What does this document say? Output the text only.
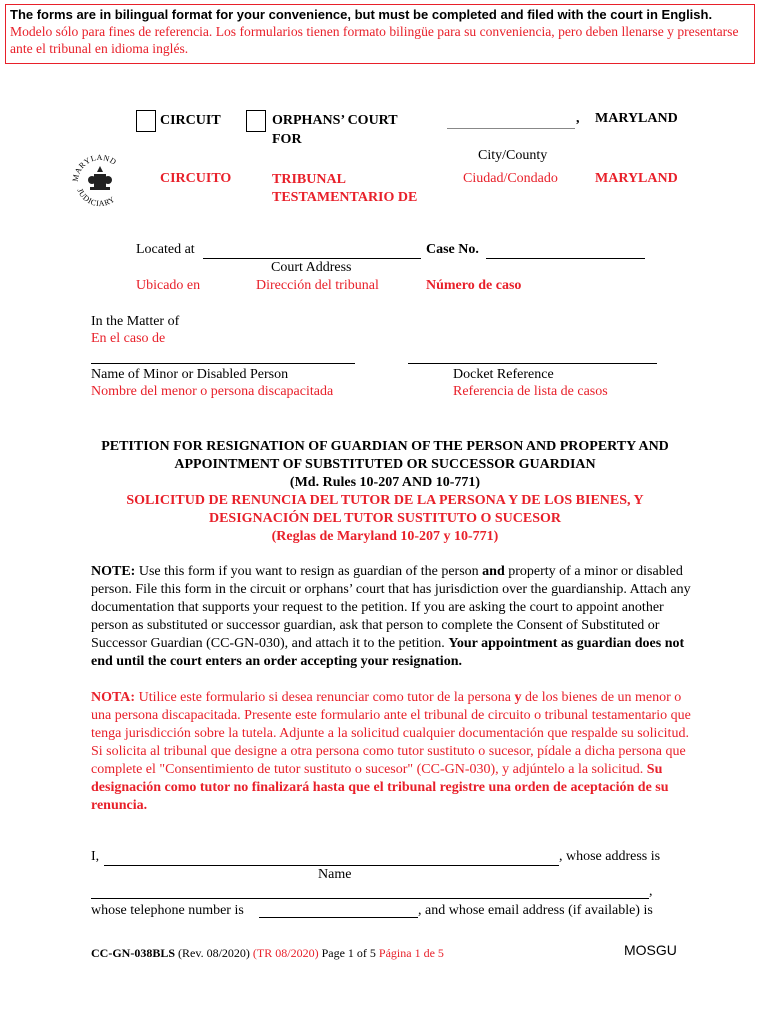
The forms are in bilingual format for your convenience, but must be completed and filed with the court in English.
Modelo sólo para fines de referencia. Los formularios tienen formato bilingüe para su conveniencia, pero deben llenarse y presentarse ante el tribunal en idioma inglés.
MARYLAND
JUDICIARY
CIRCUIT	ORPHANS’ COURT FOR
, MARYLAND
City/County
CIRCUITO	TRIBUNAL TESTAMENTARIO DE
Ciudad/Condado	MARYLAND
Located at	Case No.
Court Address
Ubicado en	Dirección del tribunal	Número de caso
In the Matter of
En el caso de
Name of Minor or Disabled Person
Nombre del menor o persona discapacitada
Docket Reference
Referencia de lista de casos
PETITION FOR RESIGNATION OF GUARDIAN OF THE PERSON AND PROPERTY AND
APPOINTMENT OF SUBSTITUTED OR SUCCESSOR GUARDIAN
(Md. Rules 10-207 AND 10-771)
SOLICITUD DE RENUNCIA DEL TUTOR DE LA PERSONA Y DE LOS BIENES, Y
DESIGNACIÓN DEL TUTOR SUSTITUTO O SUCESOR
(Reglas de Maryland 10-207 y 10-771)
NOTE: Use this form if you want to resign as guardian of the person and property of a minor or disabled person. File this form in the circuit or orphans’ court that has jurisdiction over the guardianship. Attach any documentation that supports your request to the petition. If you are asking the court to appoint another person as substituted or successor guardian, ask that person to complete the Consent of Substituted or Successor Guardian (CC-GN-030), and attach it to the petition. Your appointment as guardian does not end until the court enters an order accepting your resignation.
NOTA: Utilice este formulario si desea renunciar como tutor de la persona y de los bienes de un menor o una persona discapacitada. Presente este formulario ante el tribunal de circuito o tribunal testamentario que tenga jurisdicción sobre la tutela. Adjunte a la solicitud cualquier documentación que respalde su solicitud. Si solicita al tribunal que designe a otra persona como tutor sustituto o sucesor, pídale a dicha persona que complete el "Consentimiento de tutor sustituto o sucesor" (CC-GN-030), y adjúntelo a la solicitud. Su designación como tutor no finalizará hasta que el tribunal registre una orden de aceptación de su renuncia.
I,	, whose address is
Name
,
whose telephone number is	, and whose email address (if available) is
CC-GN-038BLS (Rev. 08/2020) (TR 08/2020) Page 1 of 5 Página 1 de 5	MOSGU
